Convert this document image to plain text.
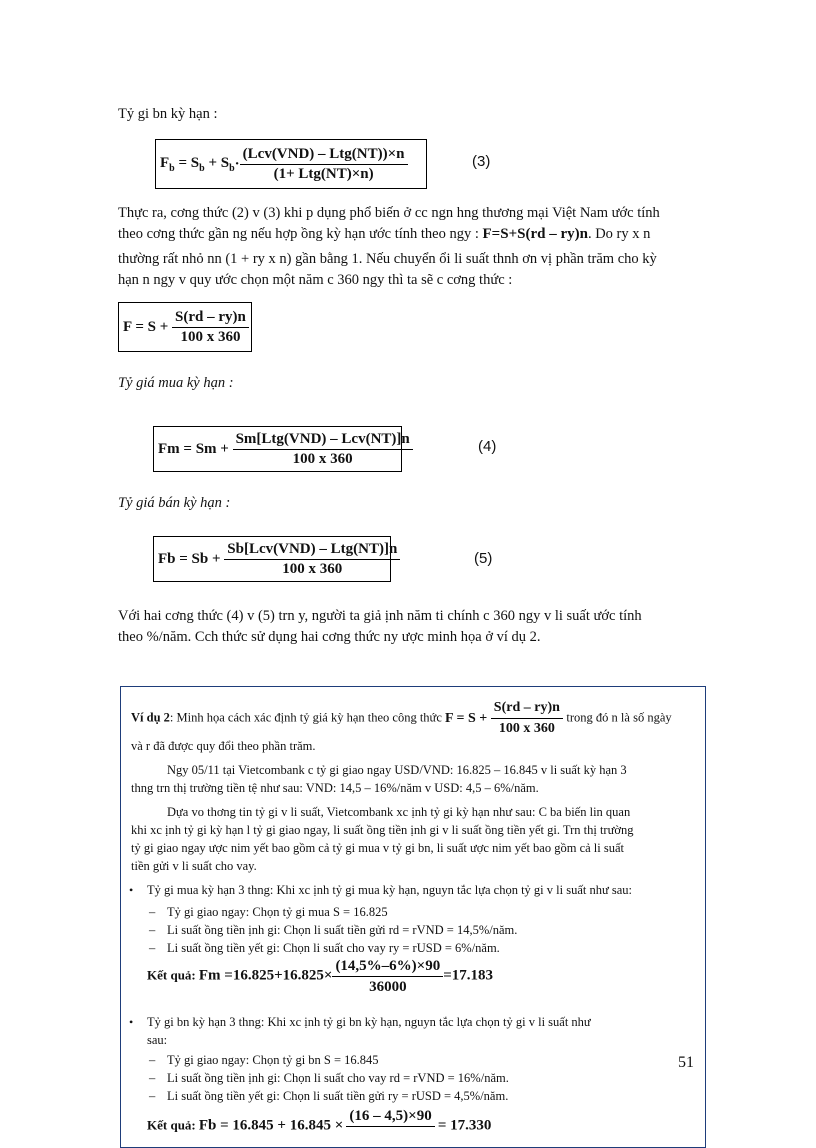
Tỷ gi bn kỳ hạn :
$F_b$
= $S_b$
+ $S_b \cdot \frac{\text{(Lcv(VND) – Ltg(NT))×n}}{\text{(1+ Ltg(NT)×n)}}$	(3)
Thực ra, cơng thức (2) v (3) khi p dụng phổ biến ở cc ngn hng thương mại Việt Nam ước tính
theo cơng thức gần ng nếu hợp ồng kỳ hạn ước tính theo ngy : F=S+S(rd – ry)n. Do ry x n
thường rất nhỏ nn (1 + ry x n) gần bằng 1. Nếu chuyển ổi li suất thnh ơn vị phần trăm cho kỳ
hạn n ngy v quy ước chọn một năm c 360 ngy thì ta sẽ c cơng thức :
F = S +
$\frac{S(rd - ry)n}{100 x 360}$
Tỷ giá mua kỳ hạn :
Fm = Sm +
$\frac{\text{Sm[Ltg(VND) – Lcv(NT)]n}}{100 x 360}$	(4)
Tỷ giá bán kỳ hạn :
Fb = Sb +
$\frac{\text{Sb[Lcv(VND) – Ltg(NT)]n}}{100 x 360}$	(5)
Với hai cơng thức (4) v (5) trn y, người ta giả ịnh năm ti chính c 360 ngy v li suất ước tính
theo %/năm. Cch thức sử dụng hai cơng thức ny ược minh họa ở ví dụ 2.
Ví dụ 2: Minh họa cách xác định tỷ giá kỳ hạn theo công thức $F = S + \frac{S(rd - ry)n}{100 x 360}$ trong đó n là số ngày
và r đã được quy đổi theo phần trăm.
Ngy 05/11 tại Vietcombank c tỷ gi giao ngay USD/VND: 16.825 – 16.845 v li suất kỳ hạn 3
thng trn thị trường tiền tệ như sau: VND: 14,5 – 16%/năm v USD: 4,5 – 6%/năm.
Dựa vo thơng tin tỷ gi v li suất, Vietcombank xc ịnh tỷ gi kỳ hạn như sau: C ba biến lin quan
khi xc ịnh tỷ gi kỳ hạn l tỷ gi giao ngay, li suất ồng tiền ịnh gi v li suất ồng tiền yết gi. Trn thị trường
tỷ gi giao ngay ược nim yết bao gồm cả tỷ gi mua v tỷ gi bn, li suất ược nim yết bao gồm cả li suất
tiền gửi v li suất cho vay.
• Tỷ gi mua kỳ hạn 3 thng: Khi xc ịnh tỷ gi mua kỳ hạn, nguyn tắc lựa chọn tỷ gi v li suất như sau:
– Tỷ gi giao ngay: Chọn tỷ gi mua S = 16.825
– Li suất ồng tiền ịnh gi: Chọn li suất tiền gửi rd = rVND = 14,5%/năm.
– Li suất ồng tiền yết gi: Chọn li suất cho vay ry = rUSD = 6%/năm.
Kết quả: $Fm =16.825+16.825\times \frac{(14,5\%-6\%)\times 90}{36000} =17.183$
• Tỷ gi bn kỳ hạn 3 thng: Khi xc ịnh tỷ gi bn kỳ hạn, nguyn tắc lựa chọn tỷ gi v li suất như
sau:
– Tỷ gi giao ngay: Chọn tỷ gi bn S = 16.845
– Li suất ồng tiền ịnh gi: Chọn li suất cho vay rd = rVND = 16%/năm.
– Li suất ồng tiền yết gi: Chọn li suất tiền gửi ry = rUSD = 4,5%/năm.
Kết quả: Fb = 16.845 + 16.845 ×
(16 – 4,5)×90

= 17.330
51
